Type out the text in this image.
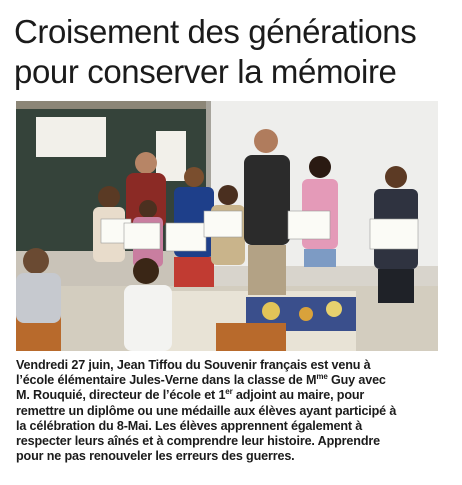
Croisement des générations
pour conserver la mémoire

Vendredi 27 juin, Jean Tiffou du Souvenir français est venu à
l’école élémentaire Jules-Verne dans la classe de $M^{me}$ Guy avec
M. Rouquié, directeur de l’école et 1er adjoint au maire, pour
remettre un diplôme ou une médaille aux élèves ayant participé à
la célébration du 8-Mai. Les élèves apprennent également à
respecter leurs aînés et à comprendre leur histoire. Apprendre
pour ne pas renouveler les erreurs des guerres.
